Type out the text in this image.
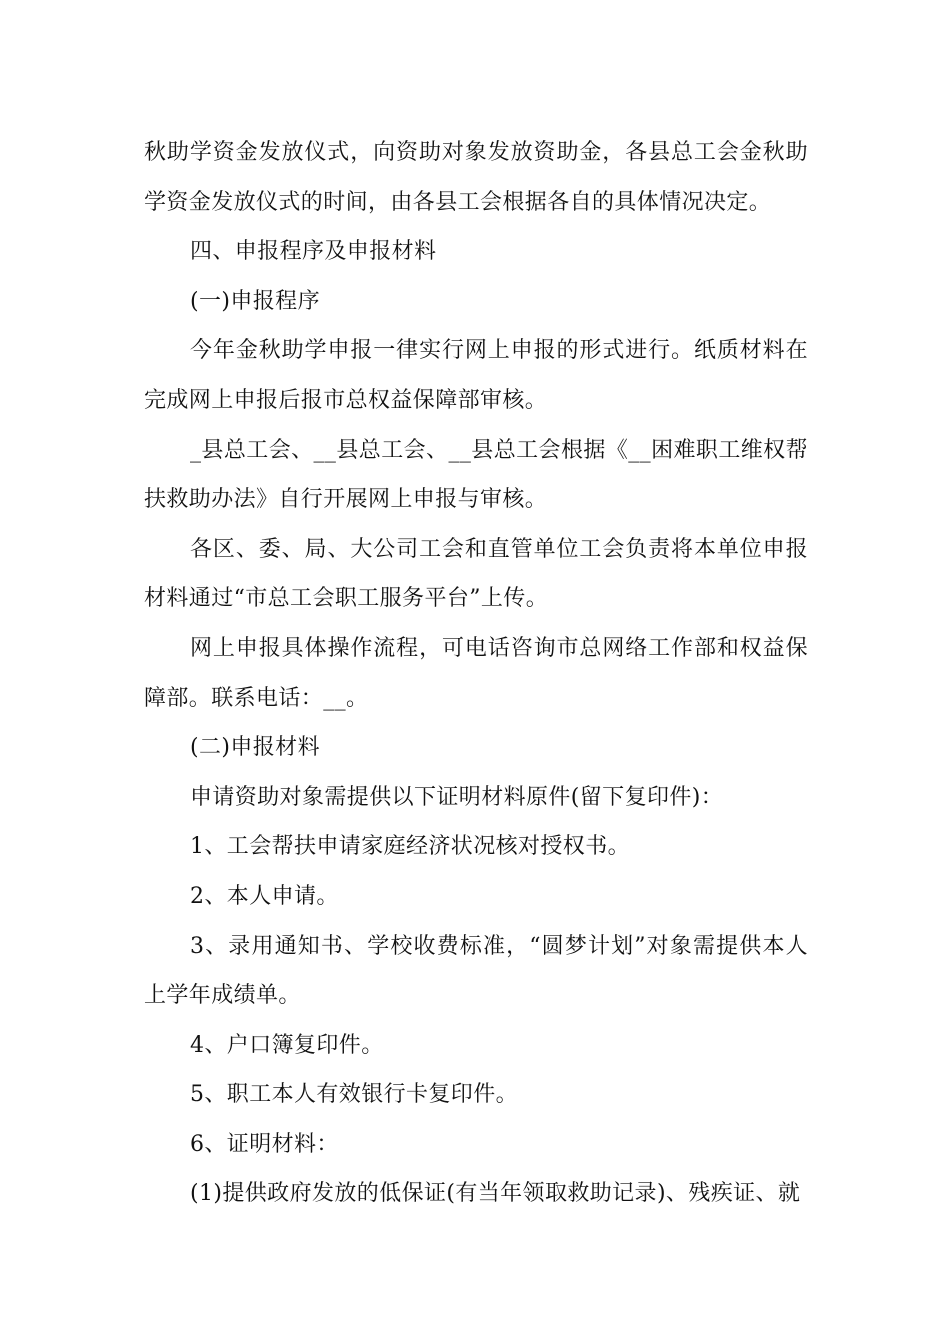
秋助学资金发放仪式，向资助对象发放资助金，各县总工会金秋助学资金发放仪式的时间，由各县工会根据各自的具体情况决定。

四、申报程序及申报材料

(一)申报程序

今年金秋助学申报一律实行网上申报的形式进行。纸质材料在完成网上申报后报市总权益保障部审核。

_县总工会、__县总工会、__县总工会根据《__困难职工维权帮扶救助办法》自行开展网上申报与审核。

各区、委、局、大公司工会和直管单位工会负责将本单位申报材料通过“市总工会职工服务平台”上传。

网上申报具体操作流程，可电话咨询市总网络工作部和权益保障部。联系电话：__。

(二)申报材料

申请资助对象需提供以下证明材料原件(留下复印件)：

1、工会帮扶申请家庭经济状况核对授权书。

2、本人申请。

3、录用通知书、学校收费标准，“圆梦计划”对象需提供本人上学年成绩单。

4、户口簿复印件。

5、职工本人有效银行卡复印件。

6、证明材料：

(1)提供政府发放的低保证(有当年领取救助记录)、残疾证、就
